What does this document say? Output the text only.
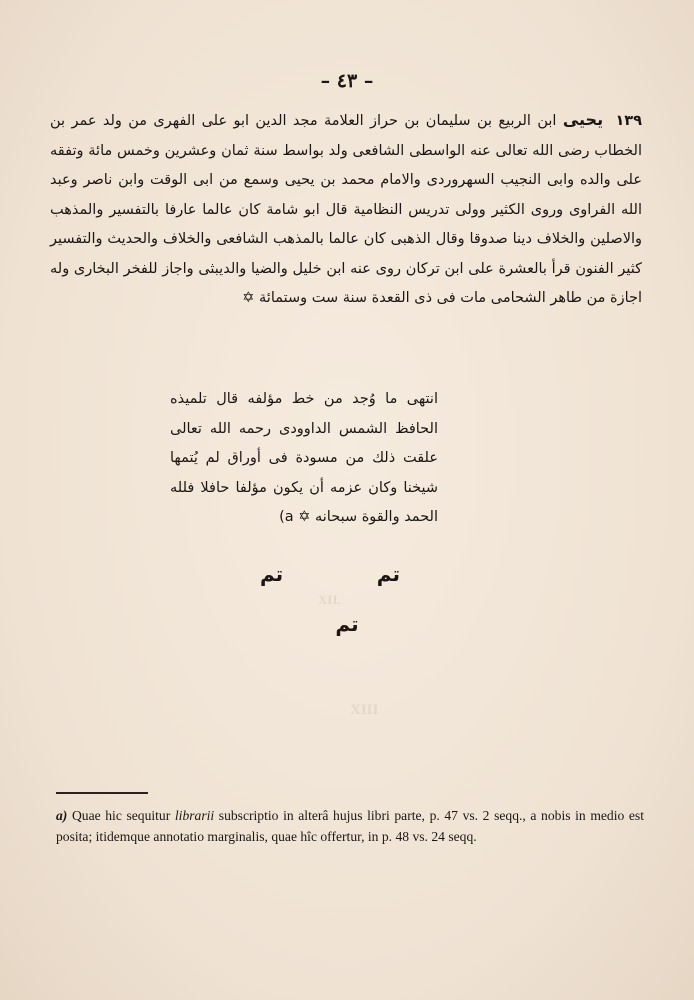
XII.
XIII
– ٤٣ –
١٣٩ يحيى ابن الربيع بن سليمان بن حراز العلامة مجد الدين ابو على الفهرى من ولد عمر بن الخطاب رضى الله تعالى عنه الواسطى الشافعى ولد بواسط سنة ثمان وعشرين وخمس مائة وتفقه على والده وابى النجيب السهروردى والامام محمد بن يحيى وسمع من ابى الوقت وابن ناصر وعبد الله الفراوى وروى الكثير وولى تدريس النظامية قال ابو شامة كان عالما عارفا بالتفسير والمذهب والاصلين والخلاف دينا صدوقا وقال الذهبى كان عالما بالمذهب الشافعى والخلاف والحديث والتفسير كثير الفنون قرأ بالعشرة على ابن تركان روى عنه ابن خليل والضيا والديبثى واجاز للفخر البخارى وله اجازة من طاهر الشحامى مات فى ذى القعدة سنة ست وستمائة ✡
انتهى ما وُجد من خط مؤلفه قال تلميذه الحافظ الشمس الداوودى رحمه الله تعالى علقت ذلك من مسودة فى أوراق لم يُتمها شيخنا وكان عزمه أن يكون مؤلفا حافلا فلله الحمد والقوة سبحانه ✡ a)
تم
تم
تم
a) Quae hic sequitur librarii subscriptio in alterâ hujus libri parte, p. 47 vs. 2 seqq., a nobis in medio est posita; itidemque annotatio marginalis, quae hîc offertur, in p. 48 vs. 24 seqq.
